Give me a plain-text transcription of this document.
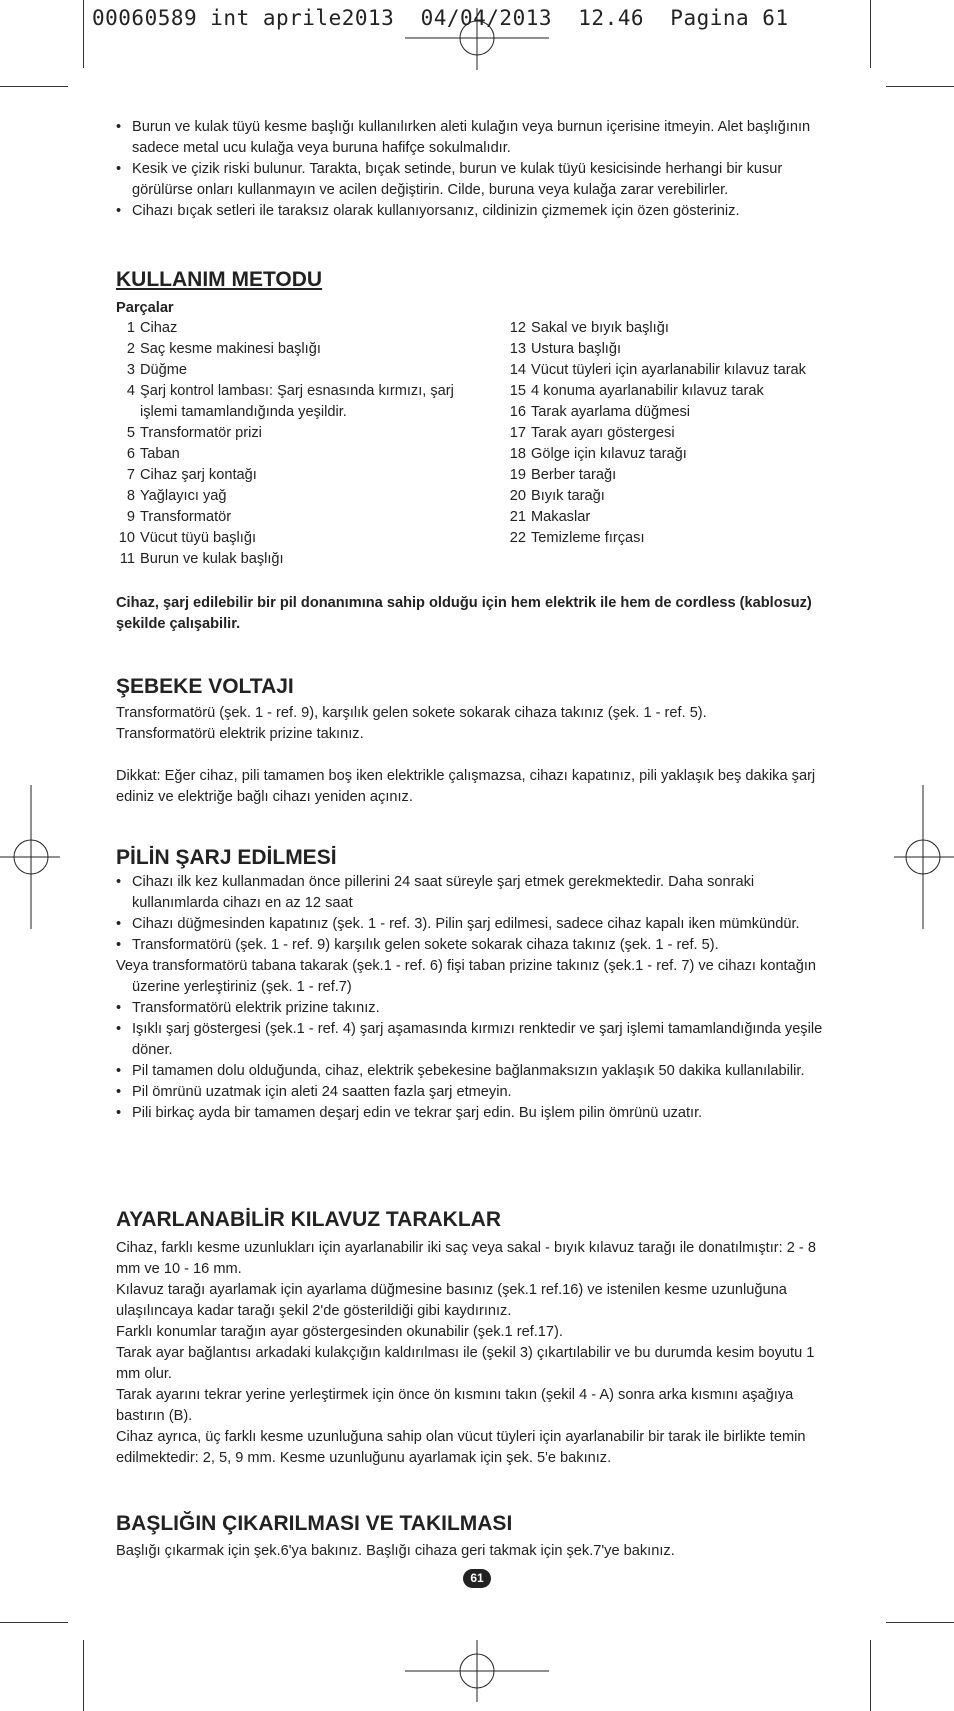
00060589 int aprile2013  04/04/2013  12.46  Pagina 61

• Burun ve kulak tüyü kesme başlığı kullanılırken aleti kulağın veya burnun içerisine itmeyin. Alet başlığının sadece metal ucu kulağa veya buruna hafifçe sokulmalıdır.

• Kesik ve çizik riski bulunur. Tarakta, bıçak setinde, burun ve kulak tüyü kesicisinde herhangi bir kusur görülürse onları kullanmayın ve acilen değiştirin. Cilde, buruna veya kulağa zarar verebilirler.

• Cihazı bıçak setleri ile taraksız olarak kullanıyorsanız, cildinizin çizmemek için özen gösteriniz.

KULLANIM METODU
Parçalar
1 Cihaz
2 Saç kesme makinesi başlığı
3 Düğme
4 Şarj kontrol lambası: Şarj esnasında kırmızı, şarj işlemi tamamlandığında yeşildir.
5 Transformatör prizi
6 Taban
7 Cihaz şarj kontağı
8 Yağlayıcı yağ
9 Transformatör
10 Vücut tüyü başlığı
11 Burun ve kulak başlığı
12 Sakal ve bıyık başlığı
13 Ustura başlığı
14 Vücut tüyleri için ayarlanabilir kılavuz tarak
15 4 konuma ayarlanabilir kılavuz tarak
16 Tarak ayarlama düğmesi
17 Tarak ayarı göstergesi
18 Gölge için kılavuz tarağı
19 Berber tarağı
20 Bıyık tarağı
21 Makaslar
22 Temizleme fırçası

Cihaz, şarj edilebilir bir pil donanımına sahip olduğu için hem elektrik ile hem de cordless (kablosuz) şekilde çalışabilir.

ŞEBEKE VOLTAJI

Transformatörü (şek. 1 - ref. 9), karşılık gelen sokete sokarak cihaza takınız (şek. 1 - ref. 5).

Transformatörü elektrik prizine takınız.

Dikkat: Eğer cihaz, pili tamamen boş iken elektrikle çalışmazsa, cihazı kapatınız, pili yaklaşık beş dakika şarj ediniz ve elektriğe bağlı cihazı yeniden açınız.

PİLİN ŞARJ EDİLMESİ

• Cihazı ilk kez kullanmadan önce pillerini 24 saat süreyle şarj etmek gerekmektedir. Daha sonraki kullanımlarda cihazı en az 12 saat

• Cihazı düğmesinden kapatınız (şek. 1 - ref. 3). Pilin şarj edilmesi, sadece cihaz kapalı iken mümkündür.

• Transformatörü (şek. 1 - ref. 9) karşılık gelen sokete sokarak cihaza takınız (şek. 1 - ref. 5).

Veya transformatörü tabana takarak (şek.1 - ref. 6) fişi taban prizine takınız (şek.1 - ref. 7) ve cihazı kontağın üzerine yerleştiriniz (şek. 1 - ref.7)

• Transformatörü elektrik prizine takınız.

• Işıklı şarj göstergesi (şek.1 - ref. 4) şarj aşamasında kırmızı renktedir ve şarj işlemi tamamlandığında yeşile döner.

• Pil tamamen dolu olduğunda, cihaz, elektrik şebekesine bağlanmaksızın yaklaşık 50 dakika kullanılabilir.

• Pil ömrünü uzatmak için aleti 24 saatten fazla şarj etmeyin.

• Pili birkaç ayda bir tamamen deşarj edin ve tekrar şarj edin. Bu işlem pilin ömrünü uzatır.

AYARLANABİLİR KILAVUZ TARAKLAR

Cihaz, farklı kesme uzunlukları için ayarlanabilir iki saç veya sakal - bıyık kılavuz tarağı ile donatılmıştır: 2 - 8 mm ve 10 - 16 mm.

Kılavuz tarağı ayarlamak için ayarlama düğmesine basınız (şek.1 ref.16) ve istenilen kesme uzunluğuna ulaşılıncaya kadar tarağı şekil 2'de gösterildiği gibi kaydırınız.

Farklı konumlar tarağın ayar göstergesinden okunabilir (şek.1 ref.17).

Tarak ayar bağlantısı arkadaki kulakçığın kaldırılması ile (şekil 3) çıkartılabilir ve bu durumda kesim boyutu 1 mm olur.

Tarak ayarını tekrar yerine yerleştirmek için önce ön kısmını takın (şekil 4 - A) sonra arka kısmını aşağıya bastırın (B).

Cihaz ayrıca, üç farklı kesme uzunluğuna sahip olan vücut tüyleri için ayarlanabilir bir tarak ile birlikte temin edilmektedir: 2, 5, 9 mm. Kesme uzunluğunu ayarlamak için şek. 5'e bakınız.

BAŞLIĞIN ÇIKARILMASI VE TAKILMASI

Başlığı çıkarmak için şek.6'ya bakınız. Başlığı cihaza geri takmak için şek.7'ye bakınız.

61
